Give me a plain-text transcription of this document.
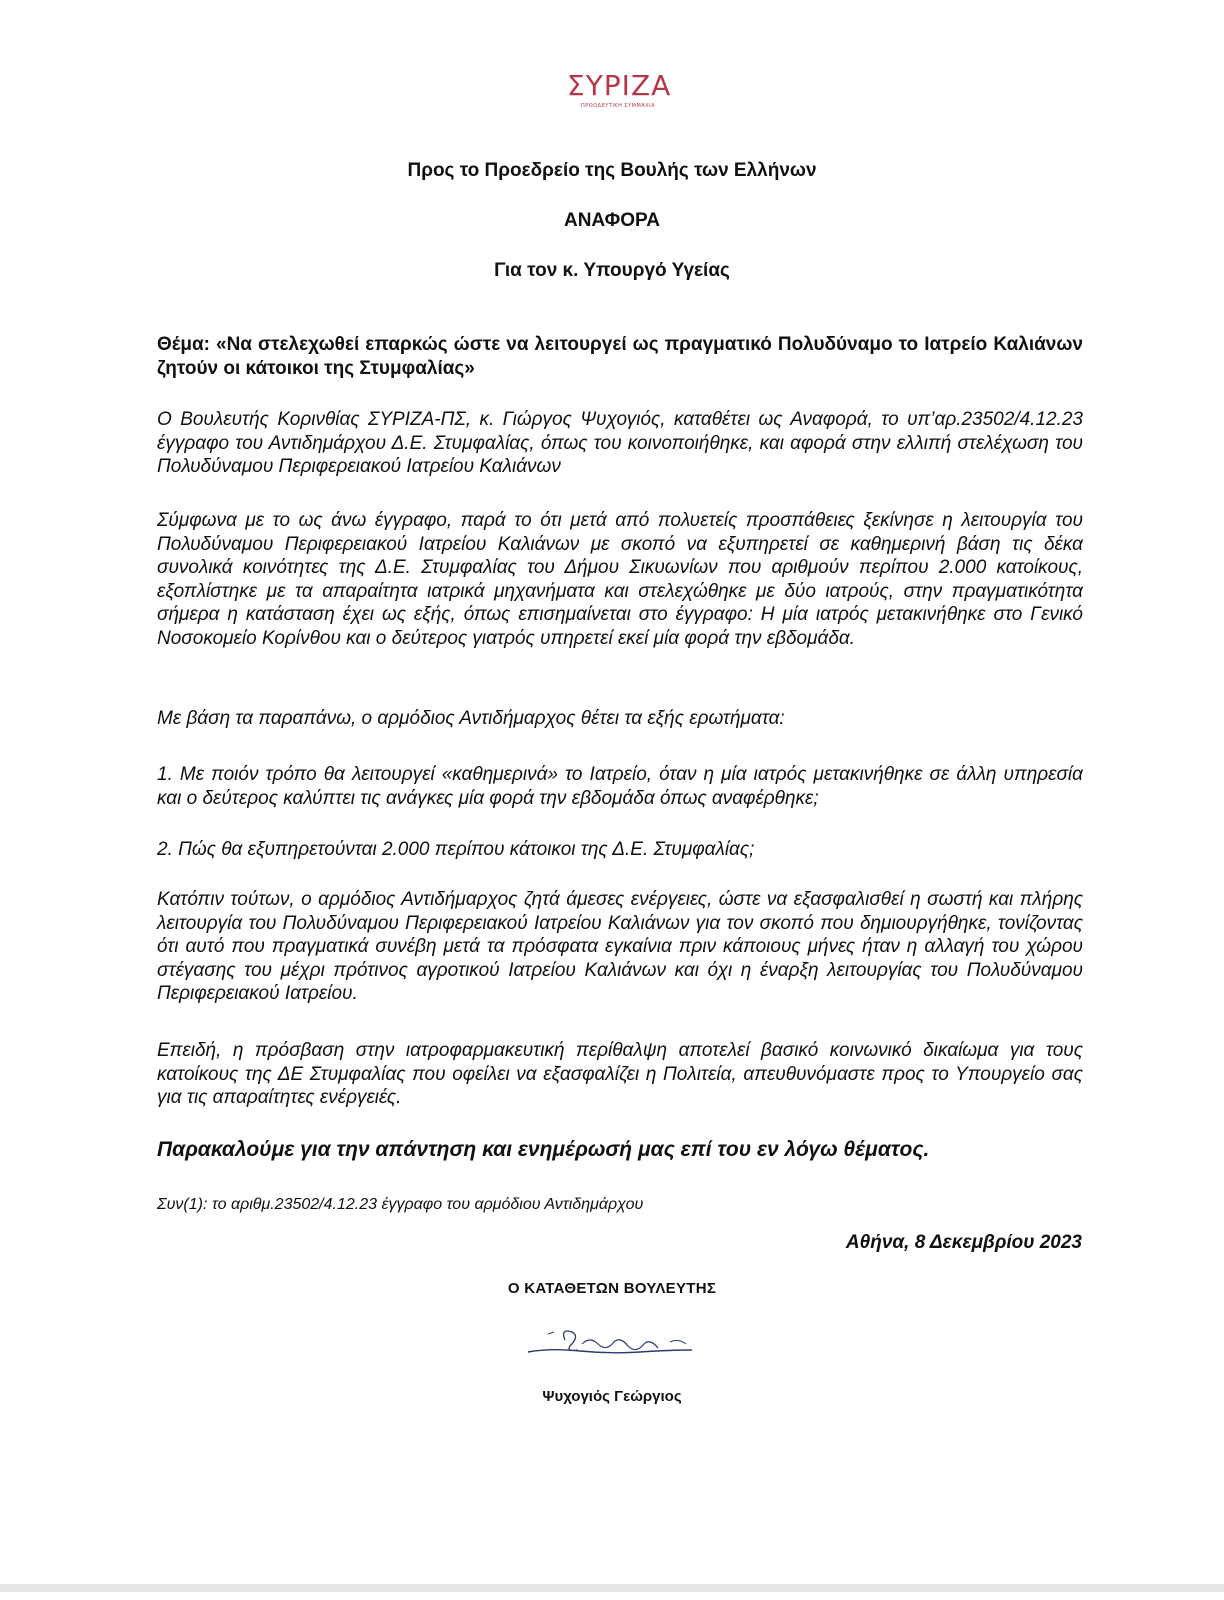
ΣΥΡΙΖΑ
ΠΡΟΟΔΕΥΤΙΚΗ ΣΥΜΜΑΧΙΑ
Προς το Προεδρείο της Βουλής των Ελλήνων
ΑΝΑΦΟΡΑ
Για τον κ. Υπουργό Υγείας
Θέμα: «Να στελεχωθεί επαρκώς ώστε να λειτουργεί ως πραγματικό Πολυδύναμο το Ιατρείο Καλιάνων ζητούν οι κάτοικοι της Στυμφαλίας»
Ο Βουλευτής Κορινθίας ΣΥΡΙΖΑ-ΠΣ, κ. Γιώργος Ψυχογιός, καταθέτει ως Αναφορά, το υπ’αρ.23502/4.12.23 έγγραφο του Αντιδημάρχου Δ.Ε. Στυμφαλίας, όπως του κοινοποιήθηκε, και αφορά στην ελλιπή στελέχωση του Πολυδύναμου Περιφερειακού Ιατρείου Καλιάνων
Σύμφωνα με το ως άνω έγγραφο, παρά το ότι μετά από πολυετείς προσπάθειες ξεκίνησε η λειτουργία του Πολυδύναμου Περιφερειακού Ιατρείου Καλιάνων με σκοπό να εξυπηρετεί σε καθημερινή βάση τις δέκα συνολικά κοινότητες της Δ.Ε. Στυμφαλίας του Δήμου Σικυωνίων που αριθμούν περίπου 2.000 κατοίκους, εξοπλίστηκε με τα απαραίτητα ιατρικά μηχανήματα και στελεχώθηκε με δύο ιατρούς, στην πραγματικότητα σήμερα η κατάσταση έχει ως εξής, όπως επισημαίνεται στο έγγραφο: Η μία ιατρός μετακινήθηκε στο Γενικό Νοσοκομείο Κορίνθου και ο δεύτερος γιατρός υπηρετεί εκεί μία φορά την εβδομάδα.
Με βάση τα παραπάνω, ο αρμόδιος Αντιδήμαρχος θέτει τα εξής ερωτήματα:
1. Με ποιόν τρόπο θα λειτουργεί «καθημερινά» το Ιατρείο, όταν η μία ιατρός μετακινήθηκε σε άλλη υπηρεσία και ο δεύτερος καλύπτει τις ανάγκες μία φορά την εβδομάδα όπως αναφέρθηκε;
2. Πώς θα εξυπηρετούνται 2.000 περίπου κάτοικοι της Δ.Ε. Στυμφαλίας;
Κατόπιν τούτων, ο αρμόδιος Αντιδήμαρχος ζητά άμεσες ενέργειες, ώστε να εξασφαλισθεί η σωστή και πλήρης λειτουργία του Πολυδύναμου Περιφερειακού Ιατρείου Καλιάνων για τον σκοπό που δημιουργήθηκε, τονίζοντας ότι αυτό που πραγματικά συνέβη μετά τα πρόσφατα εγκαίνια πριν κάποιους μήνες ήταν η αλλαγή του χώρου στέγασης του μέχρι πρότινος αγροτικού Ιατρείου Καλιάνων και όχι η έναρξη λειτουργίας του Πολυδύναμου Περιφερειακού Ιατρείου.
Επειδή, η πρόσβαση στην ιατροφαρμακευτική περίθαλψη αποτελεί βασικό κοινωνικό δικαίωμα για τους κατοίκους της ΔΕ Στυμφαλίας που οφείλει να εξασφαλίζει η Πολιτεία, απευθυνόμαστε προς το Υπουργείο σας για τις απαραίτητες ενέργειές.
Παρακαλούμε για την απάντηση και ενημέρωσή μας επί του εν λόγω θέματος.
Συν(1): το αριθμ.23502/4.12.23 έγγραφο του αρμόδιου Αντιδημάρχου
Αθήνα, 8 Δεκεμβρίου 2023
Ο ΚΑΤΑΘΕΤΩΝ ΒΟΥΛΕΥΤΗΣ
Ψυχογιός Γεώργιος
